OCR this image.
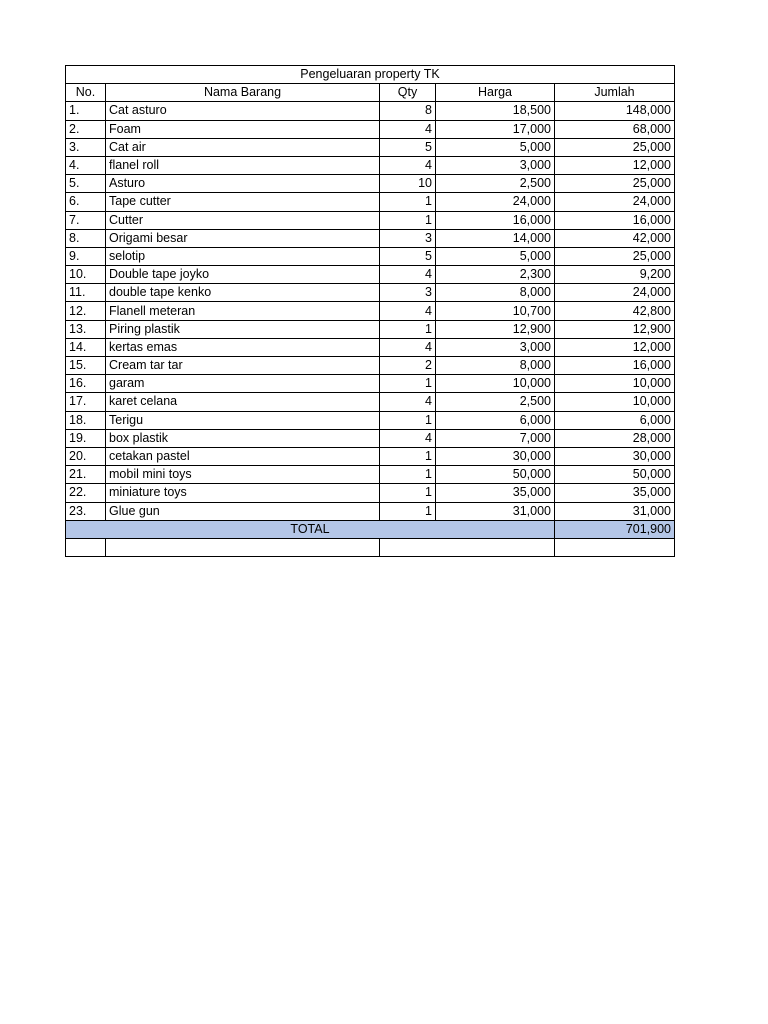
Pengeluaran property TK				
No.	Nama Barang	Qty	Harga	Jumlah
1.	Cat asturo	8	18,500	148,000
2.	Foam	4	17,000	68,000
3.	Cat air	5	5,000	25,000
4.	flanel roll	4	3,000	12,000
5.	Asturo	10	2,500	25,000
6.	Tape cutter	1	24,000	24,000
7.	Cutter	1	16,000	16,000
8.	Origami besar	3	14,000	42,000
9.	selotip	5	5,000	25,000
10.	Double tape joyko	4	2,300	9,200
11.	double tape kenko	3	8,000	24,000
12.	Flanell meteran	4	10,700	42,800
13.	Piring plastik	1	12,900	12,900
14.	kertas emas	4	3,000	12,000
15.	Cream tar tar	2	8,000	16,000
16.	garam	1	10,000	10,000
17.	karet celana	4	2,500	10,000
18.	Terigu	1	6,000	6,000
19.	box plastik	4	7,000	28,000
20.	cetakan pastel	1	30,000	30,000
21.	mobil mini toys	1	50,000	50,000
22.	miniature toys	1	35,000	35,000
23.	Glue gun	1	31,000	31,000
TOTAL				701,900
